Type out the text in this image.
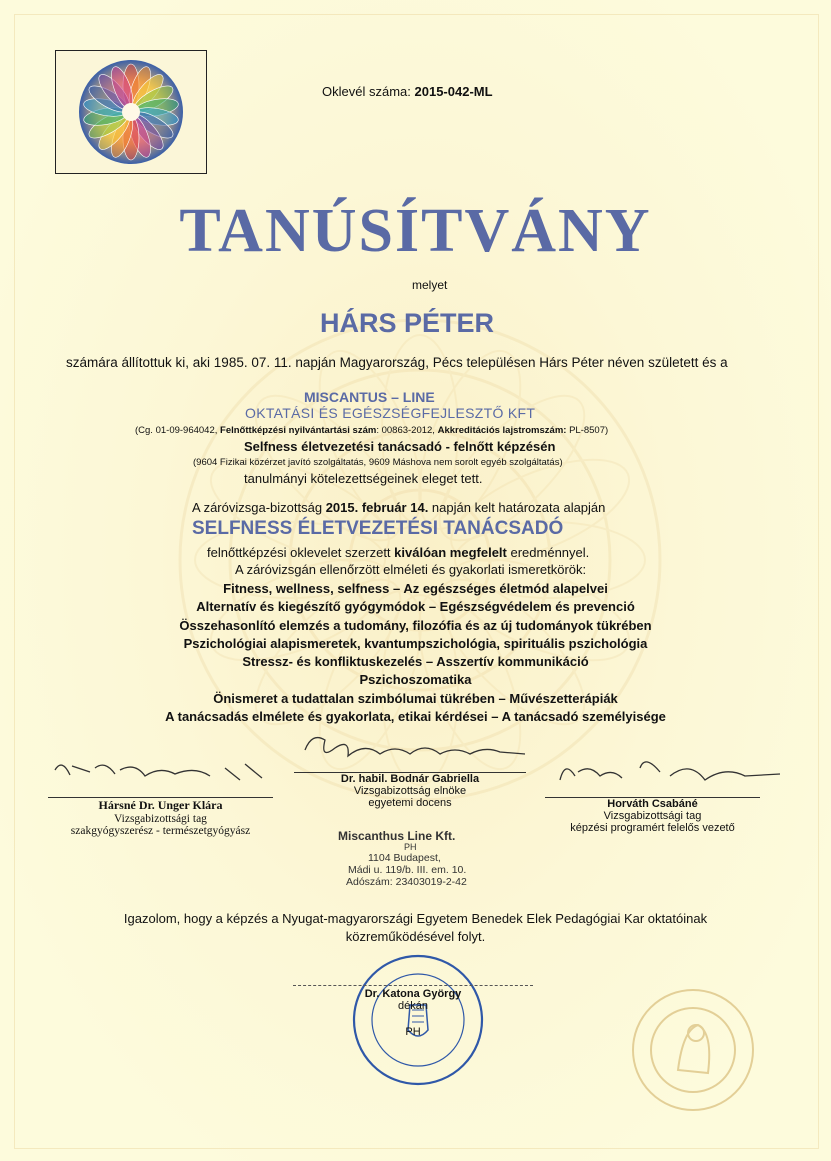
Oklevél száma: 2015-042-ML
TANÚSÍTVÁNY
melyet
HÁRS PÉTER
számára állítottuk ki, aki 1985. 07. 11. napján Magyarország, Pécs településen Hárs Péter néven született és a
MISCANTUS – LINE
OKTATÁSI ÉS EGÉSZSÉGFEJLESZTŐ KFT
(Cg. 01-09-964042, Felnőttképzési nyilvántartási szám: 00863-2012, Akkreditációs lajstromszám: PL-8507)
Selfness életvezetési tanácsadó - felnőtt képzésén
(9604 Fizikai közérzet javító szolgáltatás, 9609 Máshova nem sorolt egyéb szolgáltatás)
tanulmányi kötelezettségeinek eleget tett.
A záróvizsga-bizottság 2015. február 14. napján kelt határozata alapján
SELFNESS ÉLETVEZETÉSI TANÁCSADÓ
felnőttképzési oklevelet szerzett kiválóan megfelelt eredménnyel.
A záróvizsgán ellenőrzött elméleti és gyakorlati ismeretkörök:
Fitness, wellness, selfness – Az egészséges életmód alapelvei
Alternatív és kiegészítő gyógymódok – Egészségvédelem és prevenció
Összehasonlító elemzés a tudomány, filozófia és az új tudományok tükrében
Pszichológiai alapismeretek, kvantumpszichológia, spirituális pszichológia
Stressz- és konfliktuskezelés – Asszertív kommunikáció
Pszichoszomatika
Önismeret a tudattalan szimbólumai tükrében – Művészetterápiák
A tanácsadás elmélete és gyakorlata, etikai kérdései – A tanácsadó személyisége
Dr. habil. Bodnár Gabriella
Vizsgabizottság elnöke
egyetemi docens
Hársné Dr. Unger Klára
Vizsgabizottsági tag
szakgyógyszerész - természetgyógyász
Horváth Csabáné
Vizsgabizottsági tag
képzési programért felelős vezető
Miscanthus Line Kft.
PH
1104 Budapest,
Mádi u. 119/b. III. em. 10.
Adószám: 23403019-2-42
Igazolom, hogy a képzés a Nyugat-magyarországi Egyetem Benedek Elek Pedagógiai Kar oktatóinak
közreműködésével folyt.
Dr. Katona György
dékán
PH
